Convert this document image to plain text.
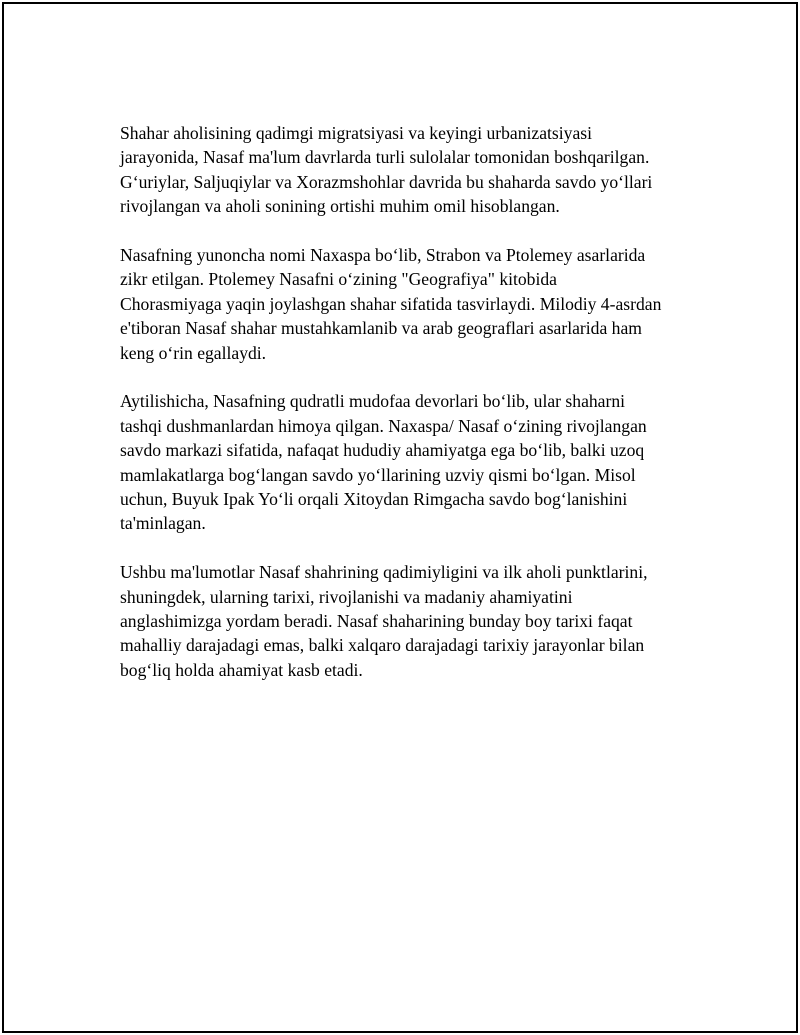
Shahar aholisining qadimgi migratsiyasi va keyingi urbanizatsiyasi
jarayonida, Nasaf ma'lum davrlarda turli sulolalar tomonidan boshqarilgan.
G‘uriylar, Saljuqiylar va Xorazmshohlar davrida bu shaharda savdo yo‘llari
rivojlangan va aholi sonining ortishi muhim omil hisoblangan.

Nasafning yunoncha nomi Naxaspa bo‘lib, Strabon va Ptolemey asarlarida
zikr etilgan. Ptolemey Nasafni o‘zining "Geografiya" kitobida
Chorasmiyaga yaqin joylashgan shahar sifatida tasvirlaydi. Milodiy 4-asrdan
e'tiboran Nasaf shahar mustahkamlanib va arab geograflari asarlarida ham
keng o‘rin egallaydi.

Aytilishicha, Nasafning qudratli mudofaa devorlari bo‘lib, ular shaharni
tashqi dushmanlardan himoya qilgan. Naxaspa/ Nasaf o‘zining rivojlangan
savdo markazi sifatida, nafaqat hududiy ahamiyatga ega bo‘lib, balki uzoq
mamlakatlarga bog‘langan savdo yo‘llarining uzviy qismi bo‘lgan. Misol
uchun, Buyuk Ipak Yo‘li orqali Xitoydan Rimgacha savdo bog‘lanishini
ta'minlagan.

Ushbu ma'lumotlar Nasaf shahrining qadimiyligini va ilk aholi punktlarini,
shuningdek, ularning tarixi, rivojlanishi va madaniy ahamiyatini
anglashimizga yordam beradi. Nasaf shaharining bunday boy tarixi faqat
mahalliy darajadagi emas, balki xalqaro darajadagi tarixiy jarayonlar bilan
bog‘liq holda ahamiyat kasb etadi.
